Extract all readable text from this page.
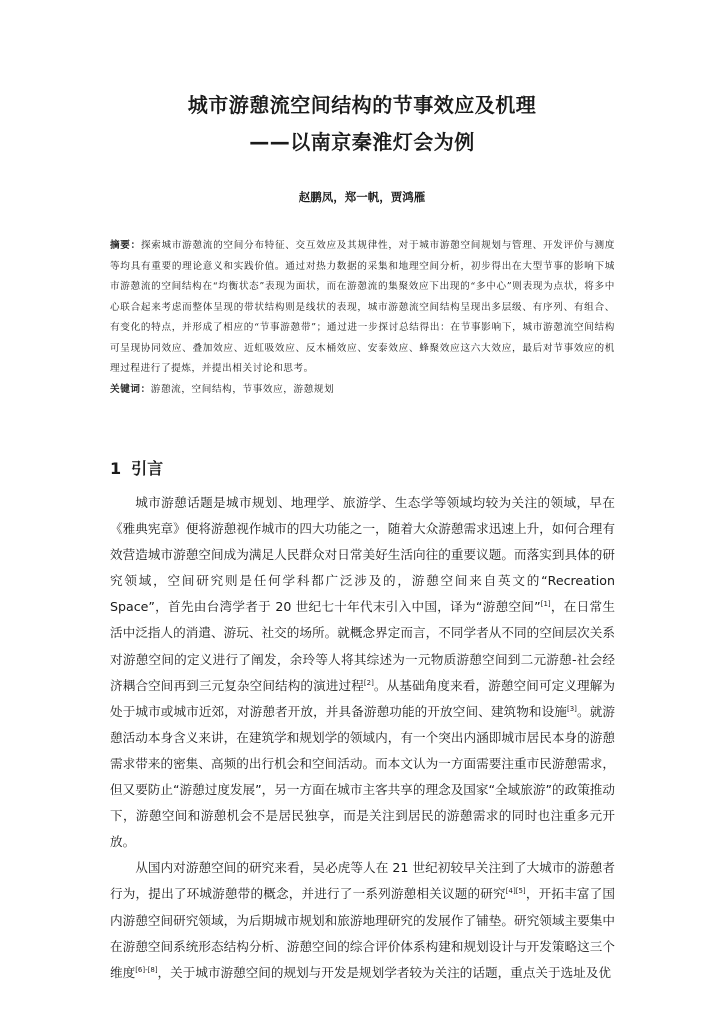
城市游憩流空间结构的节事效应及机理
——以南京秦淮灯会为例
赵鹏凤，郑一帆，贾鸿雁
摘要：探索城市游憩流的空间分布特征、交互效应及其规律性，对于城市游憩空间规划与管理、开发评价与测度等均具有重要的理论意义和实践价值。通过对热力数据的采集和地理空间分析，初步得出在大型节事的影响下城市游憩流的空间结构在“均衡状态”表现为面状，而在游憩流的集聚效应下出现的“多中心”则表现为点状，将多中心联合起来考虑而整体呈现的带状结构则是线状的表现，城市游憩流空间结构呈现出多层级、有序列、有组合、有变化的特点，并形成了相应的“节事游憩带”；通过进一步探讨总结得出：在节事影响下，城市游憩流空间结构可呈现协同效应、叠加效应、近虹吸效应、反木桶效应、安泰效应、蜂聚效应这六大效应，最后对节事效应的机理过程进行了提炼，并提出相关讨论和思考。
关键词：游憩流，空间结构，节事效应，游憩规划
1 引言

城市游憩话题是城市规划、地理学、旅游学、生态学等领域均较为关注的领域，早在《雅典宪章》便将游憩视作城市的四大功能之一，随着大众游憩需求迅速上升，如何合理有效营造城市游憩空间成为满足人民群众对日常美好生活向往的重要议题。而落实到具体的研究领域，空间研究则是任何学科都广泛涉及的，游憩空间来自英文的“Recreation Space”，首先由台湾学者于 20 世纪七十年代末引入中国，译为“游憩空间”[1]，在日常生活中泛指人的消遣、游玩、社交的场所。就概念界定而言，不同学者从不同的空间层次关系对游憩空间的定义进行了阐发，余玲等人将其综述为一元物质游憩空间到二元游憩-社会经济耦合空间再到三元复杂空间结构的演进过程[2]。从基础角度来看，游憩空间可定义理解为处于城市或城市近郊，对游憩者开放，并具备游憩功能的开放空间、建筑物和设施[3]。就游憩活动本身含义来讲，在建筑学和规划学的领域内，有一个突出内涵即城市居民本身的游憩需求带来的密集、高频的出行机会和空间活动。而本文认为一方面需要注重市民游憩需求，但又要防止“游憩过度发展”，另一方面在城市主客共享的理念及国家“全域旅游”的政策推动下，游憩空间和游憩机会不是居民独享，而是关注到居民的游憩需求的同时也注重多元开放。

从国内对游憩空间的研究来看，吴必虎等人在 21 世纪初较早关注到了大城市的游憩者行为，提出了环城游憩带的概念，并进行了一系列游憩相关议题的研究[4][5]，开拓丰富了国内游憩空间研究领域，为后期城市规划和旅游地理研究的发展作了铺垫。研究领域主要集中在游憩空间系统形态结构分析、游憩空间的综合评价体系构建和规划设计与开发策略这三个维度[6]-[8]，关于城市游憩空间的规划与开发是规划学者较为关注的话题，重点关于选址及优
